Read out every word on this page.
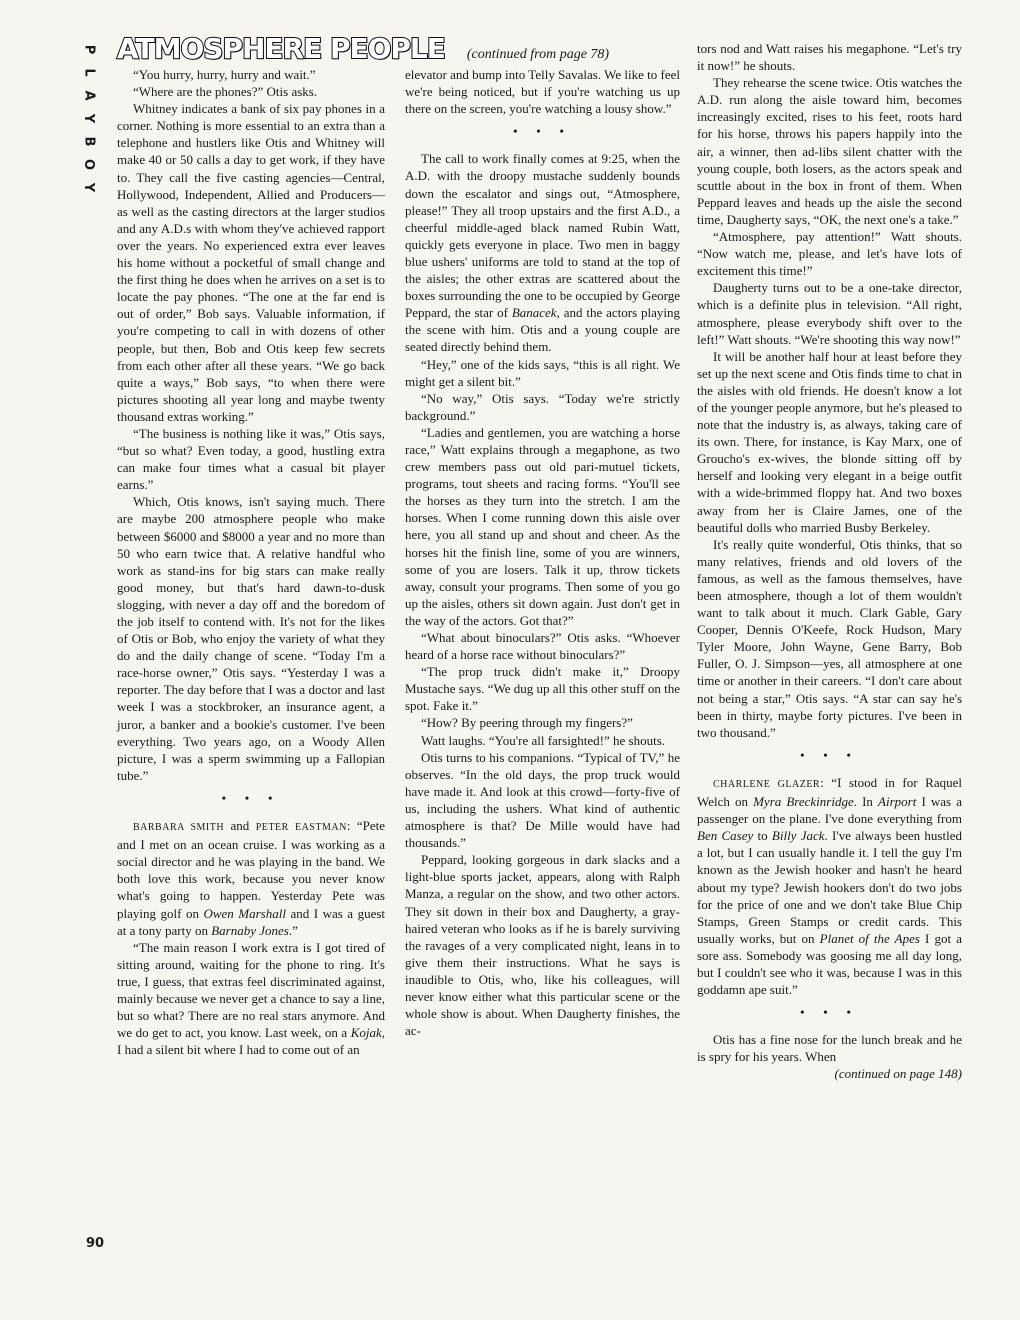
P
L
A
Y
B
O
Y
ATMOSPHERE PEOPLE (continued from page 78)

“You hurry, hurry, hurry and wait.”

“Where are the phones?” Otis asks.

Whitney indicates a bank of six pay phones in a corner. Nothing is more essential to an extra than a telephone and hustlers like Otis and Whitney will make 40 or 50 calls a day to get work, if they have to. They call the five casting agencies—Central, Hollywood, Independent, Allied and Producers—as well as the casting directors at the larger studios and any A.D.s with whom they've achieved rapport over the years. No experienced extra ever leaves his home without a pocketful of small change and the first thing he does when he arrives on a set is to locate the pay phones. “The one at the far end is out of order,” Bob says. Valuable information, if you're competing to call in with dozens of other people, but then, Bob and Otis keep few secrets from each other after all these years. “We go back quite a ways,” Bob says, “to when there were pictures shooting all year long and maybe twenty thousand extras working.”

“The business is nothing like it was,” Otis says, “but so what? Even today, a good, hustling extra can make four times what a casual bit player earns.”

Which, Otis knows, isn't saying much. There are maybe 200 atmosphere people who make between $6000 and $8000 a year and no more than 50 who earn twice that. A relative handful who work as stand-ins for big stars can make really good money, but that's hard dawn-to-dusk slogging, with never a day off and the boredom of the job itself to contend with. It's not for the likes of Otis or Bob, who enjoy the variety of what they do and the daily change of scene. “Today I'm a race-horse owner,” Otis says. “Yesterday I was a reporter. The day before that I was a doctor and last week I was a stockbroker, an insurance agent, a juror, a banker and a bookie's customer. I've been everything. Two years ago, on a Woody Allen picture, I was a sperm swimming up a Fallopian tube.”

• • •

BARBARA SMITH and PETER EASTMAN: “Pete and I met on an ocean cruise. I was working as a social director and he was playing in the band. We both love this work, because you never know what's going to happen. Yesterday Pete was playing golf on Owen Marshall and I was a guest at a tony party on Barnaby Jones.”

“The main reason I work extra is I got tired of sitting around, waiting for the phone to ring. It's true, I guess, that extras feel discriminated against, mainly because we never get a chance to say a line, but so what? There are no real stars anymore. And we do get to act, you know. Last week, on a Kojak, I had a silent bit where I had to come out of an

elevator and bump into Telly Savalas. We like to feel we're being noticed, but if you're watching us up there on the screen, you're watching a lousy show.”

• • •

The call to work finally comes at 9:25, when the A.D. with the droopy mustache suddenly bounds down the escalator and sings out, “Atmosphere, please!” They all troop upstairs and the first A.D., a cheerful middle-aged black named Rubin Watt, quickly gets everyone in place. Two men in baggy blue ushers' uniforms are told to stand at the top of the aisles; the other extras are scattered about the boxes surrounding the one to be occupied by George Peppard, the star of Banacek, and the actors playing the scene with him. Otis and a young couple are seated directly behind them.

“Hey,” one of the kids says, “this is all right. We might get a silent bit.”

“No way,” Otis says. “Today we're strictly background.”

“Ladies and gentlemen, you are watching a horse race,” Watt explains through a megaphone, as two crew members pass out old pari-mutuel tickets, programs, tout sheets and racing forms. “You'll see the horses as they turn into the stretch. I am the horses. When I come running down this aisle over here, you all stand up and shout and cheer. As the horses hit the finish line, some of you are winners, some of you are losers. Talk it up, throw tickets away, consult your programs. Then some of you go up the aisles, others sit down again. Just don't get in the way of the actors. Got that?”

“What about binoculars?” Otis asks. “Whoever heard of a horse race without binoculars?”

“The prop truck didn't make it,” Droopy Mustache says. “We dug up all this other stuff on the spot. Fake it.”

“How? By peering through my fingers?”

Watt laughs. “You're all farsighted!” he shouts.

Otis turns to his companions. “Typical of TV,” he observes. “In the old days, the prop truck would have made it. And look at this crowd—forty-five of us, including the ushers. What kind of authentic atmosphere is that? De Mille would have had thousands.”

Peppard, looking gorgeous in dark slacks and a light-blue sports jacket, appears, along with Ralph Manza, a regular on the show, and two other actors. They sit down in their box and Daugherty, a gray-haired veteran who looks as if he is barely surviving the ravages of a very complicated night, leans in to give them their instructions. What he says is inaudible to Otis, who, like his colleagues, will never know either what this particular scene or the whole show is about. When Daugherty finishes, the ac-

tors nod and Watt raises his megaphone. “Let's try it now!” he shouts.

They rehearse the scene twice. Otis watches the A.D. run along the aisle toward him, becomes increasingly excited, rises to his feet, roots hard for his horse, throws his papers happily into the air, a winner, then ad-libs silent chatter with the young couple, both losers, as the actors speak and scuttle about in the box in front of them. When Peppard leaves and heads up the aisle the second time, Daugherty says, “OK, the next one's a take.”

“Atmosphere, pay attention!” Watt shouts. “Now watch me, please, and let's have lots of excitement this time!”

Daugherty turns out to be a one-take director, which is a definite plus in television. “All right, atmosphere, please everybody shift over to the left!” Watt shouts. “We're shooting this way now!”

It will be another half hour at least before they set up the next scene and Otis finds time to chat in the aisles with old friends. He doesn't know a lot of the younger people anymore, but he's pleased to note that the industry is, as always, taking care of its own. There, for instance, is Kay Marx, one of Groucho's ex-wives, the blonde sitting off by herself and looking very elegant in a beige outfit with a wide-brimmed floppy hat. And two boxes away from her is Claire James, one of the beautiful dolls who married Busby Berkeley.

It's really quite wonderful, Otis thinks, that so many relatives, friends and old lovers of the famous, as well as the famous themselves, have been atmosphere, though a lot of them wouldn't want to talk about it much. Clark Gable, Gary Cooper, Dennis O'Keefe, Rock Hudson, Mary Tyler Moore, John Wayne, Gene Barry, Bob Fuller, O. J. Simpson—yes, all atmosphere at one time or another in their careers. “I don't care about not being a star,” Otis says. “A star can say he's been in thirty, maybe forty pictures. I've been in two thousand.”

• • •

CHARLENE GLAZER: “I stood in for Raquel Welch on Myra Breckinridge. In Airport I was a passenger on the plane. I've done everything from Ben Casey to Billy Jack. I've always been hustled a lot, but I can usually handle it. I tell the guy I'm known as the Jewish hooker and hasn't he heard about my type? Jewish hookers don't do two jobs for the price of one and we don't take Blue Chip Stamps, Green Stamps or credit cards. This usually works, but on Planet of the Apes I got a sore ass. Somebody was goosing me all day long, but I couldn't see who it was, because I was in this goddamn ape suit.”

• • •

Otis has a fine nose for the lunch break and he is spry for his years. When

(continued on page 148)
90
